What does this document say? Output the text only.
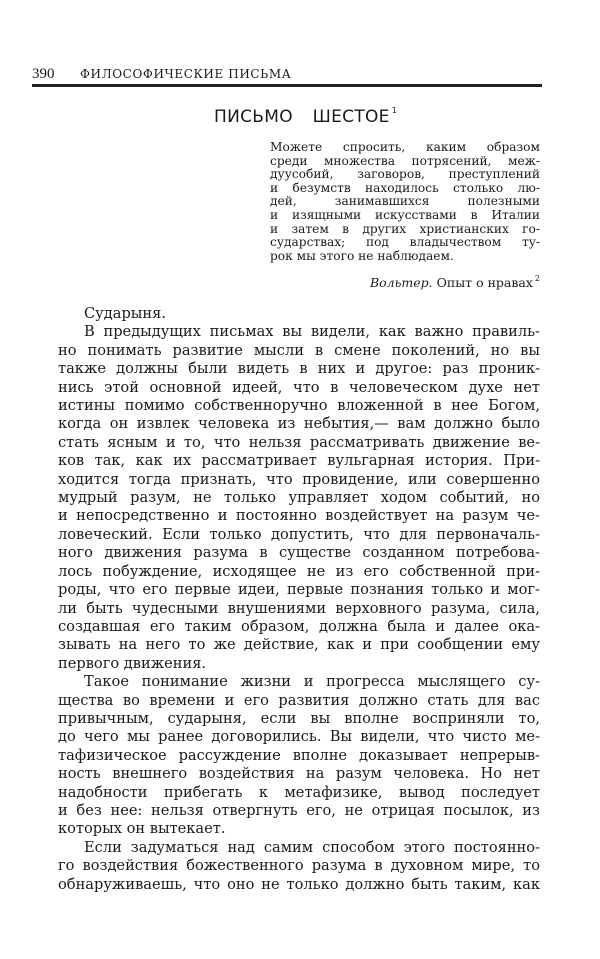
390 ФИЛОСОФИЧЕСКИЕ ПИСЬМА
ПИСЬМО ШЕСТОЕ $^1$
Можете спросить, каким образом
среди множества потрясений, меж-
дуусобий, заговоров, преступлений
и безумств находилось столько лю-
дей, занимавшихся полезными
и изящными искусствами в Италии
и затем в других христианских го-
сударствах; под владычеством ту-
рок мы этого не наблюдаем.
Вольтер. Опыт о нравах $^2$
Сударыня.
В предыдущих письмах вы видели, как важно правиль-
но понимать развитие мысли в смене поколений, но вы
также должны были видеть в них и другое: раз проник-
нись этой основной идеей, что в человеческом духе нет
истины помимо собственноручно вложенной в нее Богом,
когда он извлек человека из небытия,— вам должно было
стать ясным и то, что нельзя рассматривать движение ве-
ков так, как их рассматривает вульгарная история. При-
ходится тогда признать, что провидение, или совершенно
мудрый разум, не только управляет ходом событий, но
и непосредственно и постоянно воздействует на разум че-
ловеческий. Если только допустить, что для первоначаль-
ного движения разума в существе созданном потребова-
лось побуждение, исходящее не из его собственной при-
роды, что его первые идеи, первые познания только и мог-
ли быть чудесными внушениями верховного разума, сила,
создавшая его таким образом, должна была и далее ока-
зывать на него то же действие, как и при сообщении ему
первого движения.
Такое понимание жизни и прогресса мыслящего су-
щества во времени и его развития должно стать для вас
привычным, сударыня, если вы вполне восприняли то,
до чего мы ранее договорились. Вы видели, что чисто ме-
тафизическое рассуждение вполне доказывает непрерыв-
ность внешнего воздействия на разум человека. Но нет
надобности прибегать к метафизике, вывод последует
и без нее: нельзя отвергнуть его, не отрицая посылок, из
которых он вытекает.
Если задуматься над самим способом этого постоянно-
го воздействия божественного разума в духовном мире, то
обнаруживаешь, что оно не только должно быть таким, как
